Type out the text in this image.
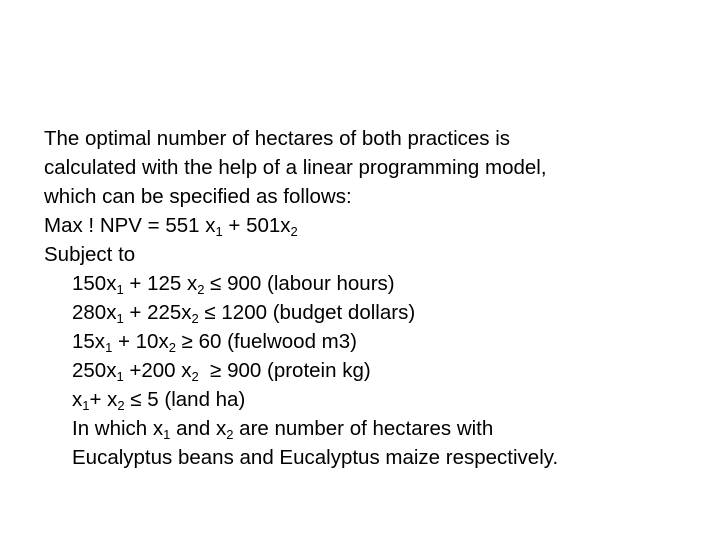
The optimal number of hectares of both practices is
calculated with the help of a linear programming model,
which can be specified as follows:

Max ! NPV = 551 $x_1 + 501x_2$

Subject to

$150x_1 + 125$ $x_2 \le 900$ (labour hours)

$280x_1 + 225x_2 \le 1200$ (budget dollars)

$15x_1 + 10x_2 \ge 60$ (fuelwood m3)

$250x_1 +200$ $x_2 \ge 900$ (protein kg)

$x_1+ x_2 \le 5$ (land ha)

In which $x_1$ and $x_2$ are number of hectares with
Eucalyptus beans and Eucalyptus maize respectively.
